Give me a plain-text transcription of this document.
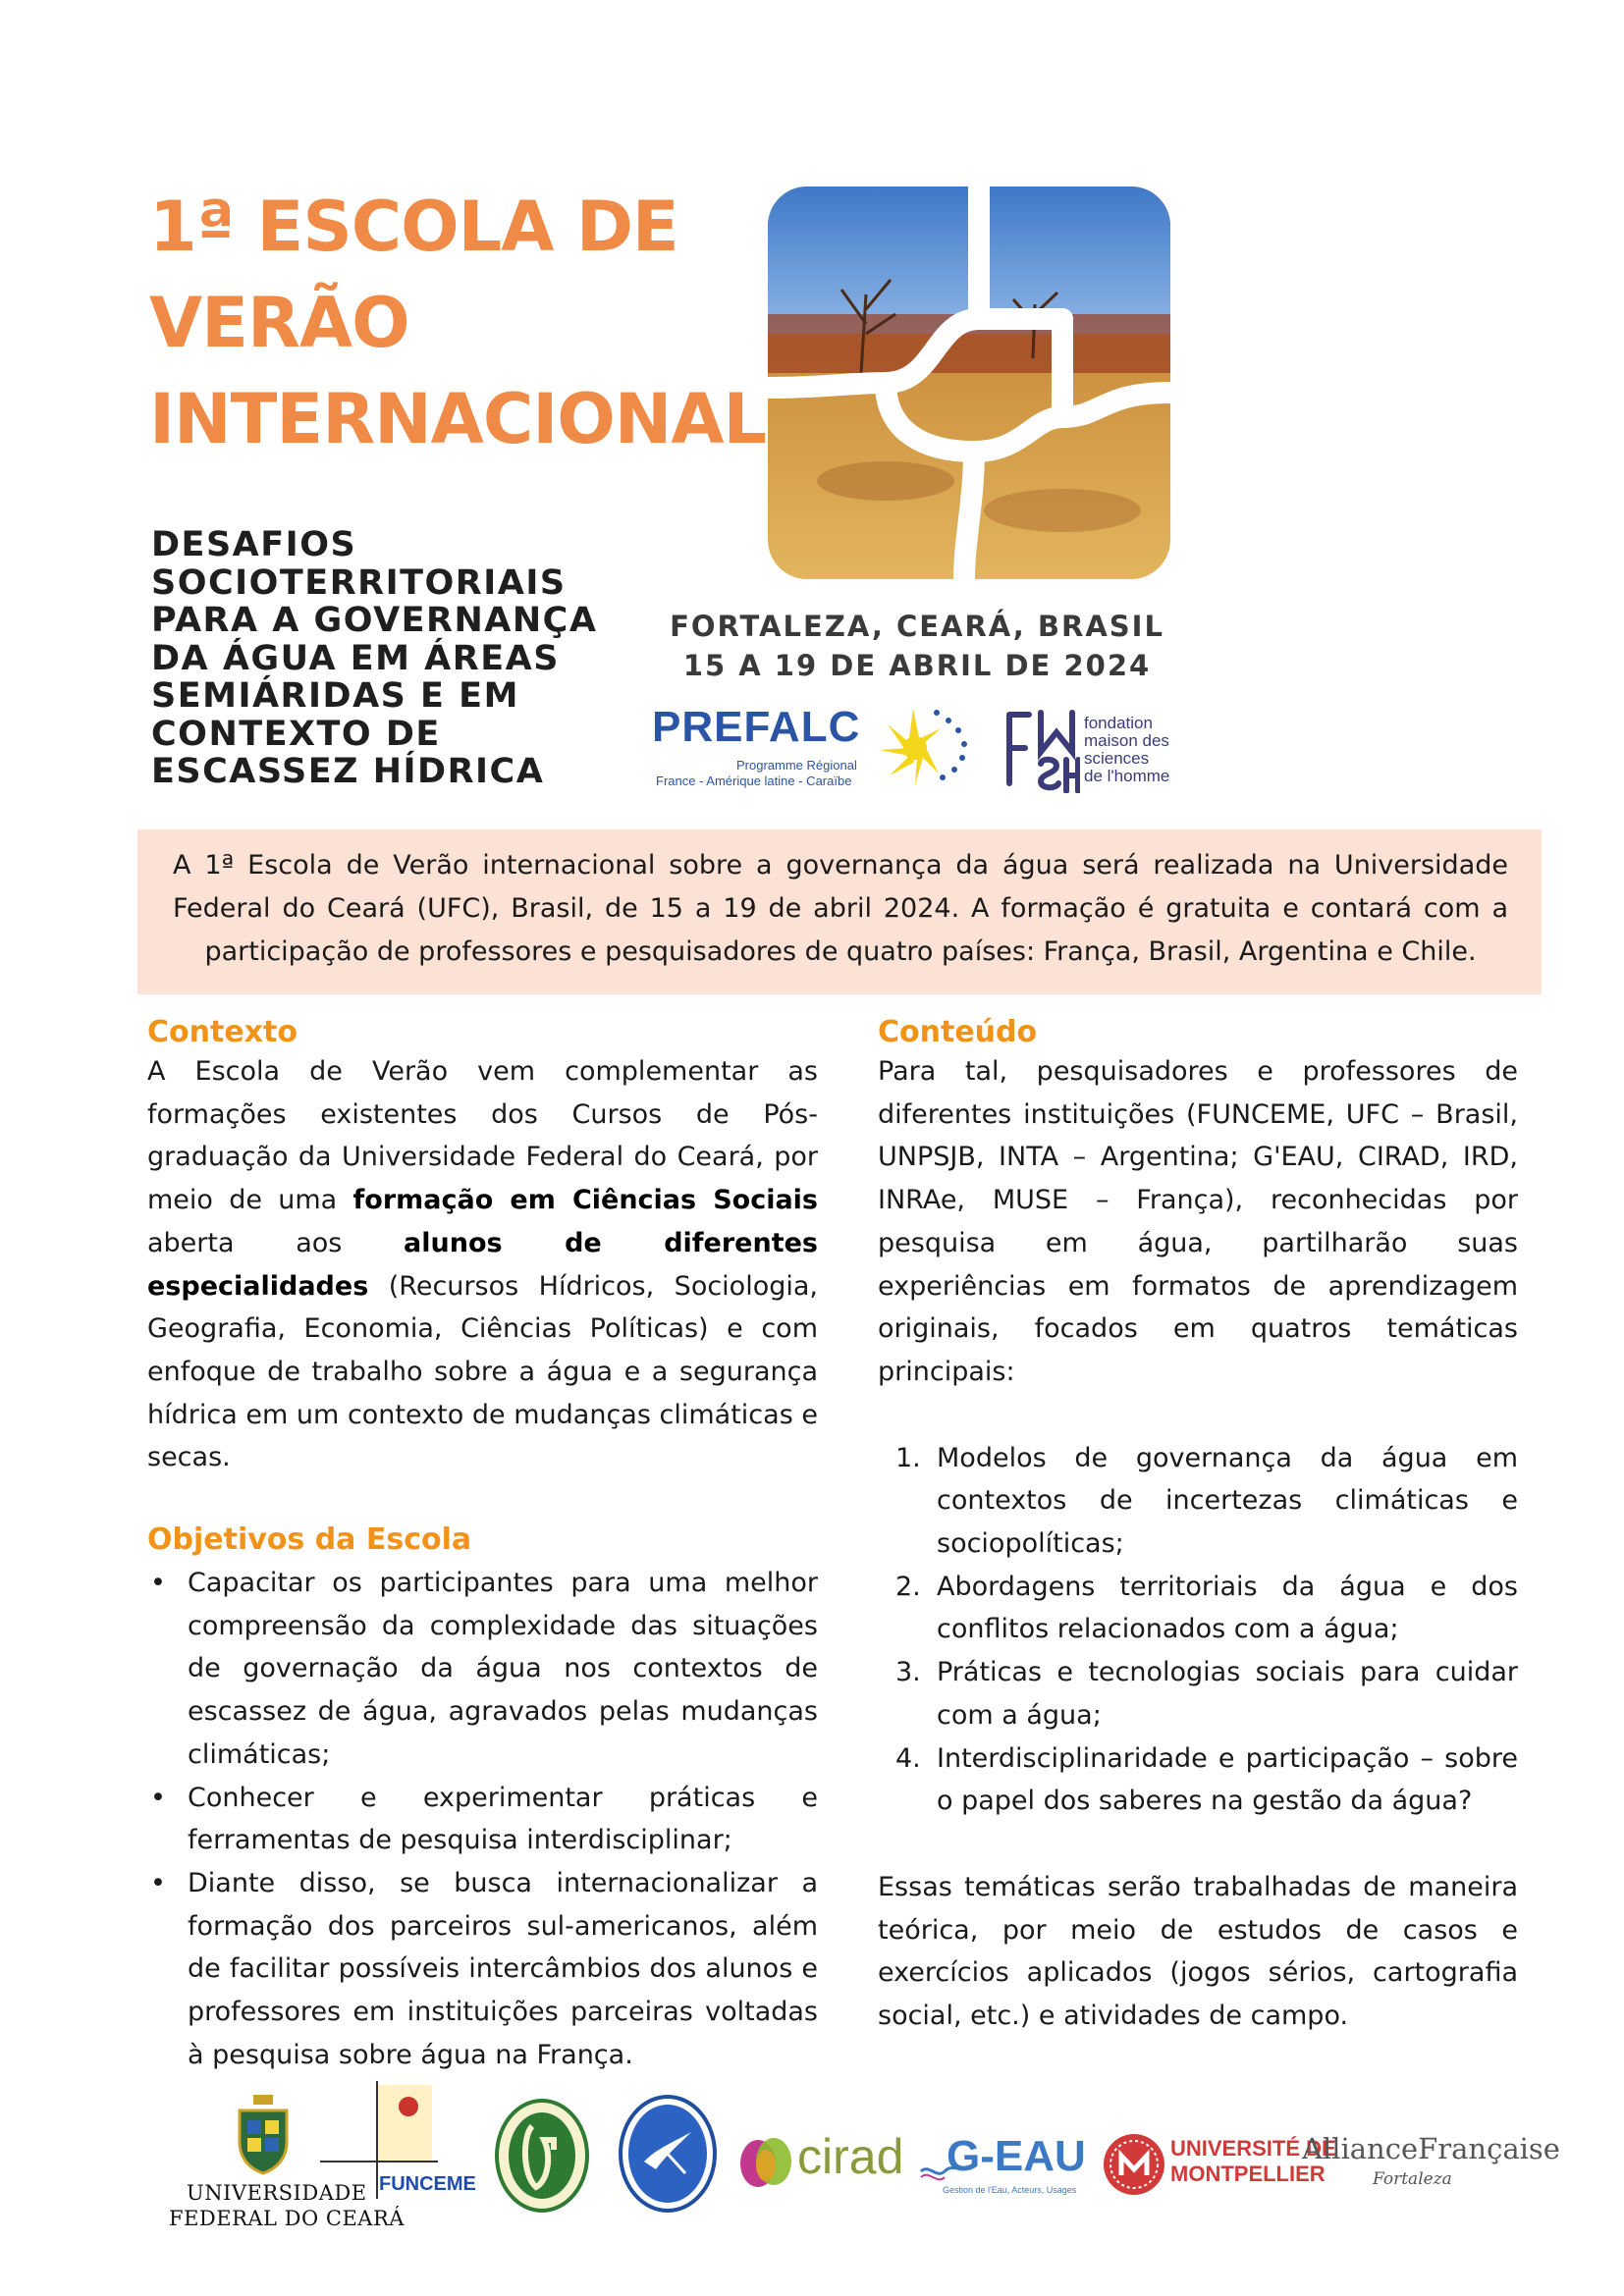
1ª ESCOLA DE
VERÃO
INTERNACIONAL
DESAFIOS
SOCIOTERRITORIAIS
PARA A GOVERNANÇA
DA ÁGUA EM ÁREAS
SEMIÁRIDAS E EM
CONTEXTO DE
ESCASSEZ HÍDRICA
FORTALEZA, CEARÁ, BRASIL
15 A 19 DE ABRIL DE 2024
PREFALC
Programme Régional
France - Amérique latine - Caraïbe
fondation
maison des
sciences
de l'homme

A 1ª Escola de Verão internacional sobre a governança da água será realizada na Universidade Federal do Ceará (UFC), Brasil, de 15 a 19 de abril 2024. A formação é gratuita e contará com a participação de professores e pesquisadores de quatro países: França, Brasil, Argentina e Chile.

Contexto

A Escola de Verão vem complementar as formações existentes dos Cursos de Pós-graduação da Universidade Federal do Ceará, por meio de uma formação em Ciências Sociais aberta aos alunos de diferentes especialidades (Recursos Hídricos, Sociologia, Geografia, Economia, Ciências Políticas) e com enfoque de trabalho sobre a água e a segurança hídrica em um contexto de mudanças climáticas e secas.

Objetivos da Escola
• Capacitar os participantes para uma melhor compreensão da complexidade das situações de governação da água nos contextos de escassez de água, agravados pelas mudanças climáticas;
• Conhecer e experimentar práticas e ferramentas de pesquisa interdisciplinar;
• Diante disso, se busca internacionalizar a formação dos parceiros sul-americanos, além de facilitar possíveis intercâmbios dos alunos e professores em instituições parceiras voltadas à pesquisa sobre água na França.
Conteúdo

Para tal, pesquisadores e professores de diferentes instituições (FUNCEME, UFC – Brasil, UNPSJB, INTA – Argentina; G'EAU, CIRAD, IRD, INRAe, MUSE – França), reconhecidas por pesquisa em água, partilharão suas experiências em formatos de aprendizagem originais, focados em quatros temáticas principais:

1. Modelos de governança da água em contextos de incertezas climáticas e sociopolíticas;
2. Abordagens territoriais da água e dos conflitos relacionados com a água;
3. Práticas e tecnologias sociais para cuidar com a água;
4. Interdisciplinaridade e participação – sobre o papel dos saberes na gestão da água?

Essas temáticas serão trabalhadas de maneira teórica, por meio de estudos de casos e exercícios aplicados (jogos sérios, cartografia social, etc.) e atividades de campo.

UNIVERSIDADE
FEDERAL DO CEARÁ
FUNCEME	cirad G-EAU
Gestion de l'Eau, Acteurs, Usages
UNIVERSITÉ DE
MONTPELLIER
AllianceFrançaise
Fortaleza
